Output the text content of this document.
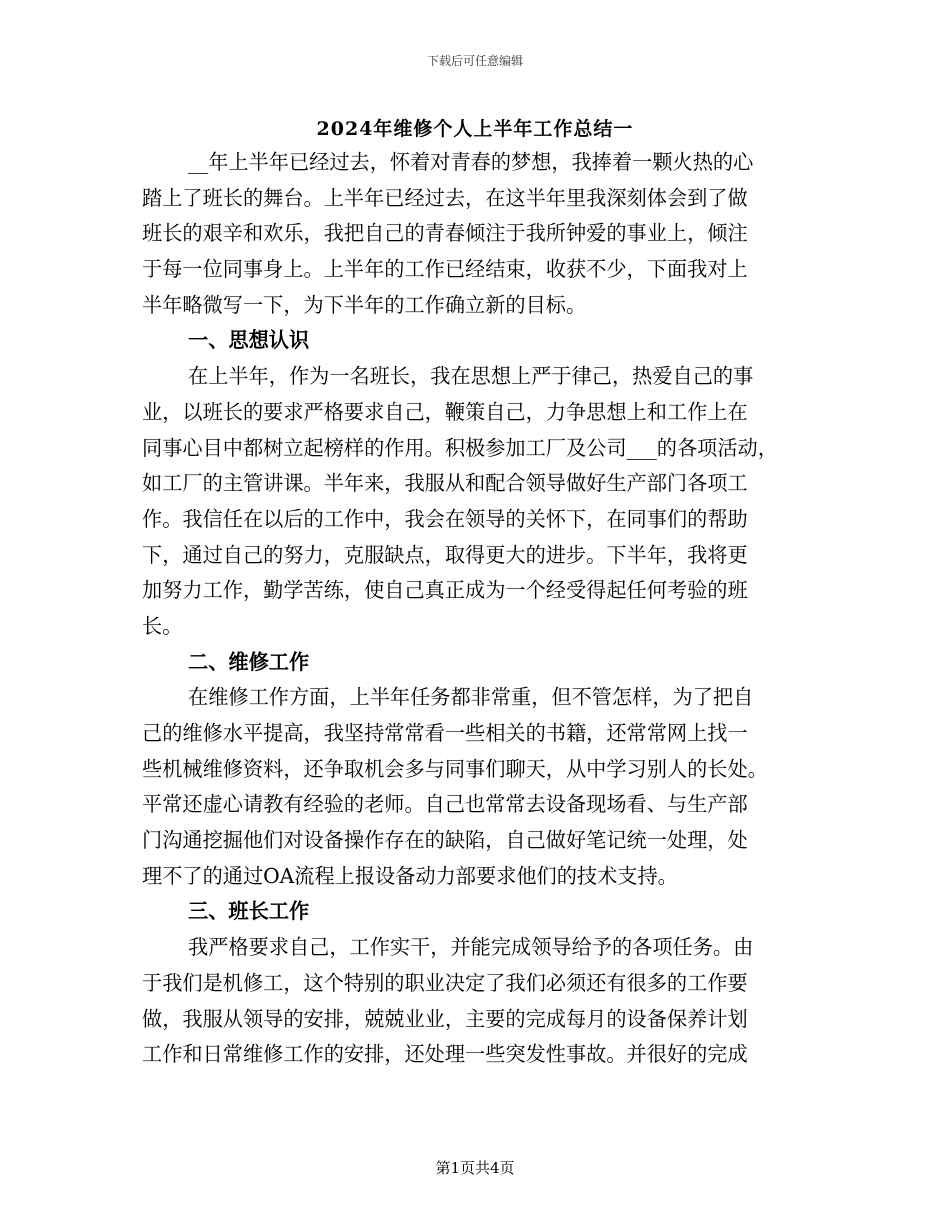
下载后可任意编辑
2024年维修个人上半年工作总结一
__年上半年已经过去，怀着对青春的梦想，我捧着一颗火热的心
踏上了班长的舞台。上半年已经过去，在这半年里我深刻体会到了做
班长的艰辛和欢乐，我把自己的青春倾注于我所钟爱的事业上，倾注
于每一位同事身上。上半年的工作已经结束，收获不少，下面我对上
半年略微写一下，为下半年的工作确立新的目标。
一、思想认识
在上半年，作为一名班长，我在思想上严于律己，热爱自己的事
业，以班长的要求严格要求自己，鞭策自己，力争思想上和工作上在
同事心目中都树立起榜样的作用。积极参加工厂及公司___的各项活动，
如工厂的主管讲课。半年来，我服从和配合领导做好生产部门各项工
作。我信任在以后的工作中，我会在领导的关怀下，在同事们的帮助
下，通过自己的努力，克服缺点，取得更大的进步。下半年，我将更
加努力工作，勤学苦练，使自己真正成为一个经受得起任何考验的班
长。
二、维修工作
在维修工作方面，上半年任务都非常重，但不管怎样，为了把自
己的维修水平提高，我坚持常常看一些相关的书籍，还常常网上找一
些机械维修资料，还争取机会多与同事们聊天，从中学习别人的长处。
平常还虚心请教有经验的老师。自己也常常去设备现场看、与生产部
门沟通挖掘他们对设备操作存在的缺陷，自己做好笔记统一处理，处
理不了的通过OA流程上报设备动力部要求他们的技术支持。
三、班长工作
我严格要求自己，工作实干，并能完成领导给予的各项任务。由
于我们是机修工，这个特别的职业决定了我们必须还有很多的工作要
做，我服从领导的安排，兢兢业业，主要的完成每月的设备保养计划
工作和日常维修工作的安排，还处理一些突发性事故。并很好的完成
第1页共4页
